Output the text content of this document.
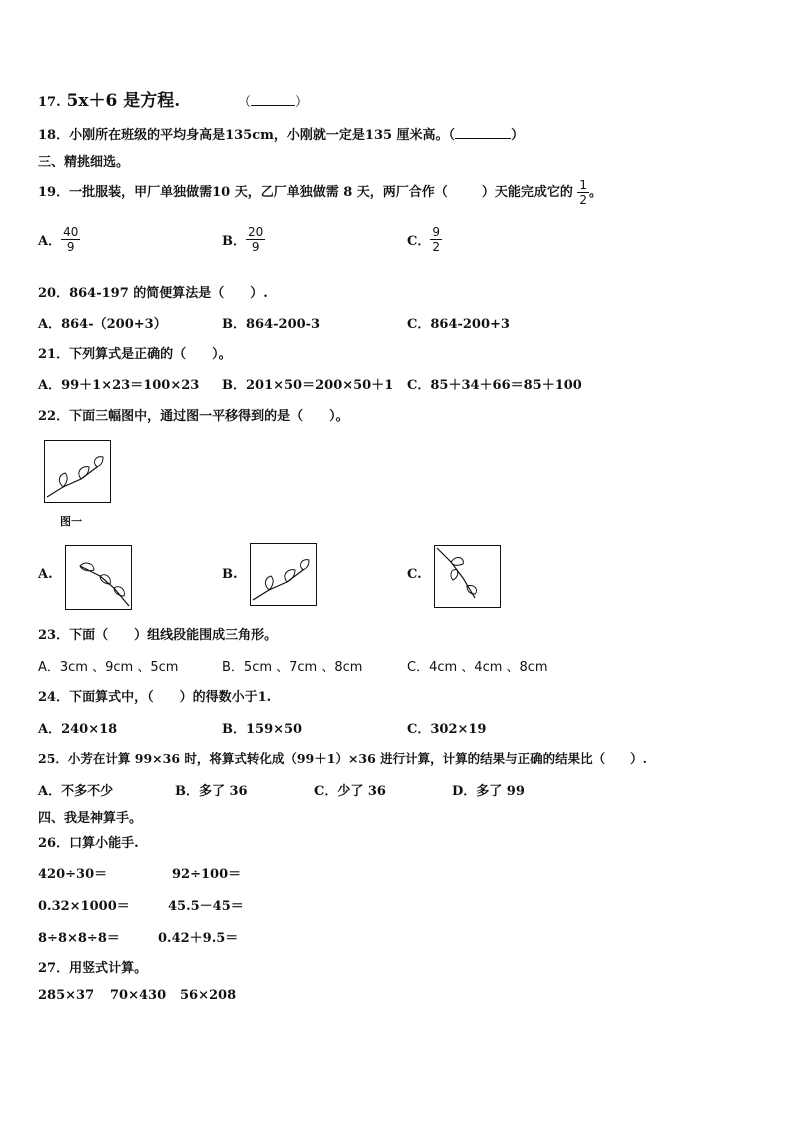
17. 5x＋6 是方程.	（	）
18．小刚所在班级的平均身高是135cm，小刚就一定是135 厘米高。（	）
三、精挑细选。
19．一批服装，甲厂单独做需10 天，乙厂单独做需 8 天，两厂合作（	）天能完成它的 $\frac{1}{2}$ 。
A． $\frac{40}{9}$	B． $\frac{20}{9}$	C． $\frac{9}{2}$
20．864-197 的简便算法是（　　）.
A．864-（200+3）	B．864-200-3	C．864-200+3
21．下列算式是正确的（　　）。
A．99＋1×23＝100×23 B．201×50＝200×50＋1 C．85＋34＋66＝85＋100
22．下面三幅图中，通过图一平移得到的是（　　）。
图一
A.	B.	C.
23．下面（　　）组线段能围成三角形。
A．3cm 、9cm 、5cm	B．5cm 、7cm 、8cm	C．4cm 、4cm 、8cm
24．下面算式中，（　　）的得数小于1.
A．240×18	B．159×50	C．302×19
25．小芳在计算 99×36 时，将算式转化成（99＋1）×36 进行计算，计算的结果与正确的结果比（　　）.
A．不多不少	B．多了 36	C．少了 36	D．多了 99
四、我是神算手。
26．口算小能手.
420÷30＝	92÷100＝
0.32×1000＝	45.5－45＝
8÷8×8÷8＝	0.42＋9.5＝
27．用竖式计算。
285×37 70×430 56×208
